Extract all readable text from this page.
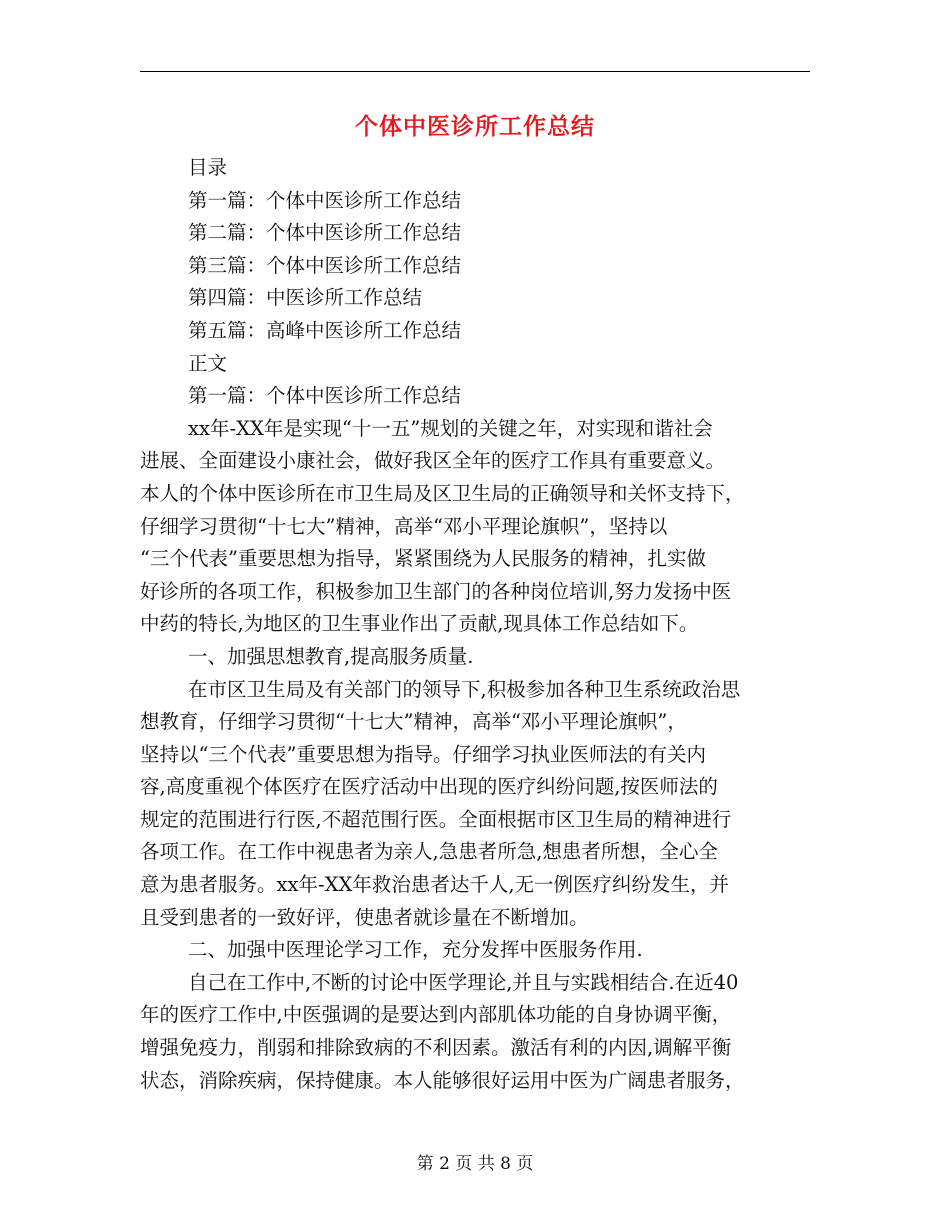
个体中医诊所工作总结
目录
第一篇：个体中医诊所工作总结
第二篇：个体中医诊所工作总结
第三篇：个体中医诊所工作总结
第四篇：中医诊所工作总结
第五篇：高峰中医诊所工作总结
正文
第一篇：个体中医诊所工作总结
xx年-XX年是实现“十一五”规划的关键之年，对实现和谐社会
进展、全面建设小康社会，做好我区全年的医疗工作具有重要意义。
本人的个体中医诊所在市卫生局及区卫生局的正确领导和关怀支持下，
仔细学习贯彻“十七大”精神，高举“邓小平理论旗帜”，坚持以
“三个代表”重要思想为指导，紧紧围绕为人民服务的精神，扎实做
好诊所的各项工作，积极参加卫生部门的各种岗位培训,努力发扬中医
中药的特长,为地区的卫生事业作出了贡献,现具体工作总结如下。
一、加强思想教育,提高服务质量.
在市区卫生局及有关部门的领导下,积极参加各种卫生系统政治思
想教育，仔细学习贯彻“十七大”精神，高举“邓小平理论旗帜”，
坚持以“三个代表”重要思想为指导。仔细学习执业医师法的有关内
容,高度重视个体医疗在医疗活动中出现的医疗纠纷问题,按医师法的
规定的范围进行行医,不超范围行医。全面根据市区卫生局的精神进行
各项工作。在工作中视患者为亲人,急患者所急,想患者所想，全心全
意为患者服务。xx年-XX年救治患者达千人,无一例医疗纠纷发生，并
且受到患者的一致好评，使患者就诊量在不断增加。
二、加强中医理论学习工作，充分发挥中医服务作用.
自己在工作中,不断的讨论中医学理论,并且与实践相结合.在近40
年的医疗工作中,中医强调的是要达到内部肌体功能的自身协调平衡，
增强免疫力，削弱和排除致病的不利因素。激活有利的内因,调解平衡
状态，消除疾病，保持健康。本人能够很好运用中医为广阔患者服务，
第 2 页 共 8 页
